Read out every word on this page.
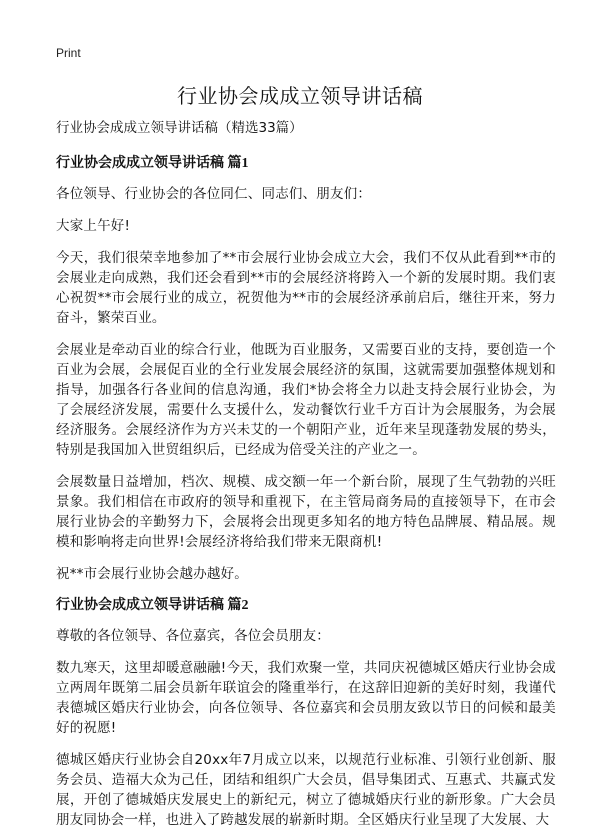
Print
行业协会成成立领导讲话稿

行业协会成成立领导讲话稿（精选33篇）

行业协会成成立领导讲话稿 篇1

各位领导、行业协会的各位同仁、同志们、朋友们：

大家上午好!

今天，我们很荣幸地参加了**市会展行业协会成立大会，我们不仅从此看到**市的会展业走向成熟，我们还会看到**市的会展经济将跨入一个新的发展时期。我们衷心祝贺**市会展行业的成立，祝贺他为**市的会展经济承前启后，继往开来，努力奋斗，繁荣百业。

会展业是牵动百业的综合行业，他既为百业服务，又需要百业的支持，要创造一个百业为会展，会展促百业的全行业发展会展经济的氛围，这就需要加强整体规划和指导，加强各行各业间的信息沟通，我们*协会将全力以赴支持会展行业协会，为了会展经济发展，需要什么支援什么，发动餐饮行业千方百计为会展服务，为会展经济服务。会展经济作为方兴未艾的一个朝阳产业，近年来呈现蓬勃发展的势头，特别是我国加入世贸组织后，已经成为倍受关注的产业之一。

会展数量日益增加，档次、规模、成交额一年一个新台阶，展现了生气勃勃的兴旺景象。我们相信在市政府的领导和重视下，在主管局商务局的直接领导下，在市会展行业协会的辛勤努力下，会展将会出现更多知名的地方特色品牌展、精品展。规模和影响将走向世界!会展经济将给我们带来无限商机!

祝**市会展行业协会越办越好。

行业协会成成立领导讲话稿 篇2

尊敬的各位领导、各位嘉宾，各位会员朋友：

数九寒天，这里却暖意融融!今天，我们欢聚一堂，共同庆祝德城区婚庆行业协会成立两周年既第二届会员新年联谊会的隆重举行，在这辞旧迎新的美好时刻，我谨代表德城区婚庆行业协会，向各位领导、各位嘉宾和会员朋友致以节日的问候和最美好的祝愿!

德城区婚庆行业协会自20xx年7月成立以来，以规范行业标准、引领行业创新、服务会员、造福大众为己任，团结和组织广大会员，倡导集团式、互惠式、共赢式发展，开创了德城婚庆发展史上的新纪元，树立了德城婚庆行业的新形象。广大会员朋友同协会一样，也进入了跨越发展的崭新时期。全区婚庆行业呈现了大发展、大
